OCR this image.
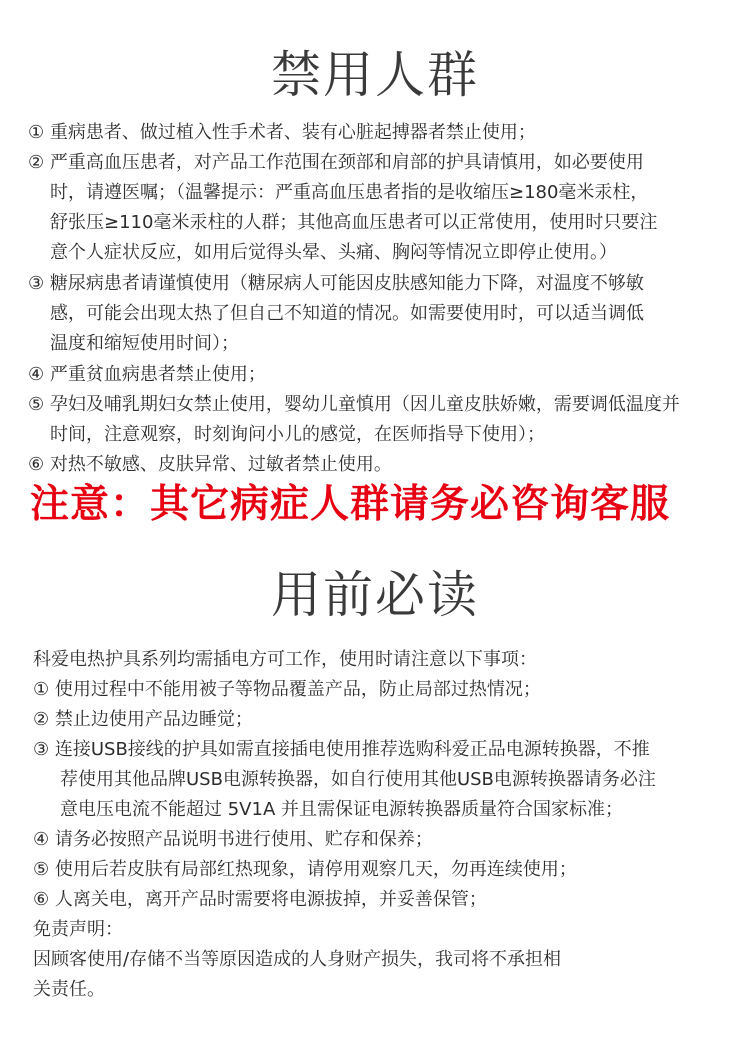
禁用人群
① 重病患者、做过植入性手术者、装有心脏起搏器者禁止使用；
② 严重高血压患者，对产品工作范围在颈部和肩部的护具请慎用，如必要使用
时，请遵医嘱；（温馨提示：严重高血压患者指的是收缩压≥180毫米汞柱，
舒张压≥110毫米汞柱的人群；其他高血压患者可以正常使用，使用时只要注
意个人症状反应，如用后觉得头晕、头痛、胸闷等情况立即停止使用。）
③ 糖尿病患者请谨慎使用（糖尿病人可能因皮肤感知能力下降，对温度不够敏
感，可能会出现太热了但自己不知道的情况。如需要使用时，可以适当调低
温度和缩短使用时间）；
④ 严重贫血病患者禁止使用；
⑤ 孕妇及哺乳期妇女禁止使用，婴幼儿童慎用（因儿童皮肤娇嫩，需要调低温度并
时间，注意观察，时刻询问小儿的感觉，在医师指导下使用）；
⑥ 对热不敏感、皮肤异常、过敏者禁止使用。
注意：其它病症人群请务必咨询客服
用前必读
科爱电热护具系列均需插电方可工作，使用时请注意以下事项：
① 使用过程中不能用被子等物品覆盖产品，防止局部过热情况；
② 禁止边使用产品边睡觉；
③ 连接USB接线的护具如需直接插电使用推荐选购科爱正品电源转换器，不推
荐使用其他品牌USB电源转换器，如自行使用其他USB电源转换器请务必注
意电压电流不能超过 5V1A 并且需保证电源转换器质量符合国家标准；
④ 请务必按照产品说明书进行使用、贮存和保养；
⑤ 使用后若皮肤有局部红热现象，请停用观察几天，勿再连续使用；
⑥ 人离关电，离开产品时需要将电源拔掉，并妥善保管；
免责声明：
因顾客使用/存储不当等原因造成的人身财产损失，我司将不承担相
关责任。
